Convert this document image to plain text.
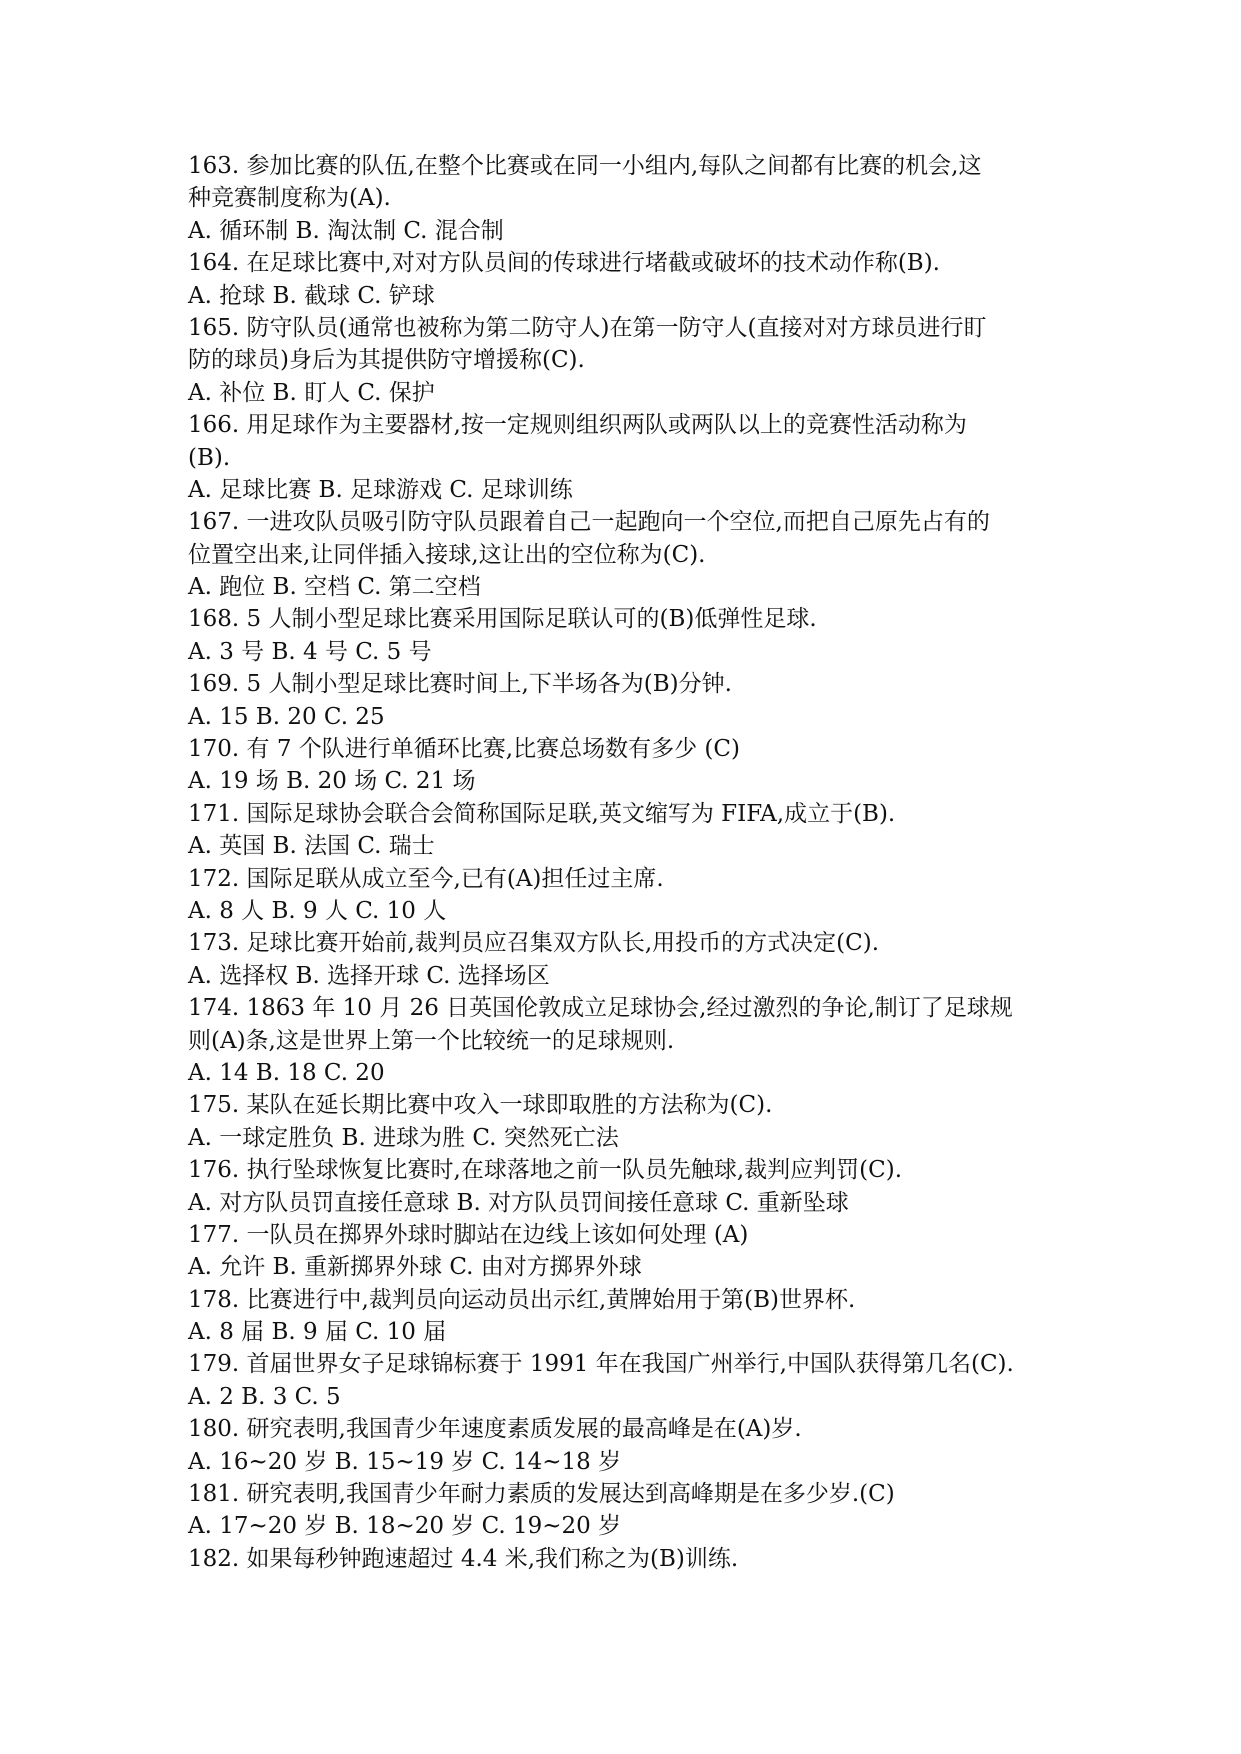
163. 参加比赛的队伍,在整个比赛或在同一小组内,每队之间都有比赛的机会,这
种竞赛制度称为(A).
A. 循环制 B. 淘汰制 C. 混合制
164. 在足球比赛中,对对方队员间的传球进行堵截或破坏的技术动作称(B).
A. 抢球 B. 截球 C. 铲球
165. 防守队员(通常也被称为第二防守人)在第一防守人(直接对对方球员进行盯
防的球员)身后为其提供防守增援称(C).
A. 补位 B. 盯人 C. 保护
166. 用足球作为主要器材,按一定规则组织两队或两队以上的竞赛性活动称为
(B).
A. 足球比赛 B. 足球游戏 C. 足球训练
167. 一进攻队员吸引防守队员跟着自己一起跑向一个空位,而把自己原先占有的
位置空出来,让同伴插入接球,这让出的空位称为(C).
A. 跑位 B. 空档 C. 第二空档
168. 5 人制小型足球比赛采用国际足联认可的(B)低弹性足球.
A. 3 号 B. 4 号 C. 5 号
169. 5 人制小型足球比赛时间上,下半场各为(B)分钟.
A. 15 B. 20 C. 25
170. 有 7 个队进行单循环比赛,比赛总场数有多少 (C)
A. 19 场 B. 20 场 C. 21 场
171. 国际足球协会联合会简称国际足联,英文缩写为 FIFA,成立于(B).
A. 英国 B. 法国 C. 瑞士
172. 国际足联从成立至今,已有(A)担任过主席.
A. 8 人 B. 9 人 C. 10 人
173. 足球比赛开始前,裁判员应召集双方队长,用投币的方式决定(C).
A. 选择权 B. 选择开球 C. 选择场区
174. 1863 年 10 月 26 日英国伦敦成立足球协会,经过激烈的争论,制订了足球规
则(A)条,这是世界上第一个比较统一的足球规则.
A. 14 B. 18 C. 20
175. 某队在延长期比赛中攻入一球即取胜的方法称为(C).
A. 一球定胜负 B. 进球为胜 C. 突然死亡法
176. 执行坠球恢复比赛时,在球落地之前一队员先触球,裁判应判罚(C).
A. 对方队员罚直接任意球 B. 对方队员罚间接任意球 C. 重新坠球
177. 一队员在掷界外球时脚站在边线上该如何处理 (A)
A. 允许 B. 重新掷界外球 C. 由对方掷界外球
178. 比赛进行中,裁判员向运动员出示红,黄牌始用于第(B)世界杯.
A. 8 届 B. 9 届 C. 10 届
179. 首届世界女子足球锦标赛于 1991 年在我国广州举行,中国队获得第几名(C).
A. 2 B. 3 C. 5
180. 研究表明,我国青少年速度素质发展的最高峰是在(A)岁.
A. 16~20 岁 B. 15~19 岁 C. 14~18 岁
181. 研究表明,我国青少年耐力素质的发展达到高峰期是在多少岁.(C)
A. 17~20 岁 B. 18~20 岁 C. 19~20 岁
182. 如果每秒钟跑速超过 4.4 米,我们称之为(B)训练.
